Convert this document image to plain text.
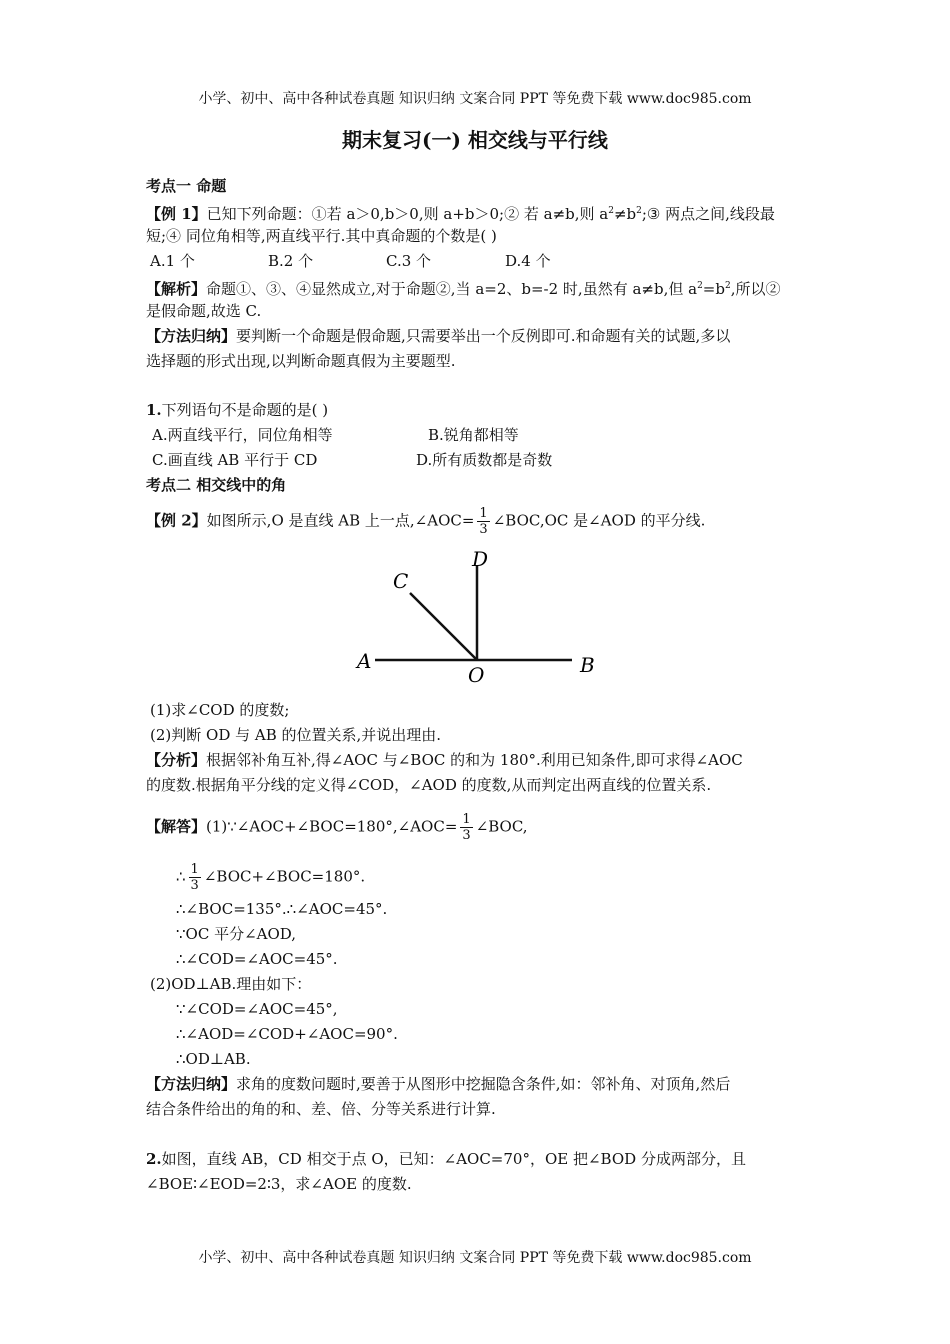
小学、初中、高中各种试卷真题 知识归纳 文案合同 PPT 等免费下载 www.doc985.com
期末复习(一) 相交线与平行线
考点一 命题
【例 1】已知下列命题：①若 a＞0,b＞0,则 a+b＞0;② 若 a≠b,则 $a^2\ne b^2;③$ 两点之间,线段最
短;④ 同位角相等,两直线平行.其中真命题的个数是( )
A.1 个	B.2 个	C.3 个	D.4 个
【解析】命题①、③、④显然成立,对于命题②,当 a=2、b=-2 时,虽然有 a≠b,但 $a^2=b^2$,所以②
是假命题,故选 C.
【方法归纳】要判断一个命题是假命题,只需要举出一个反例即可.和命题有关的试题,多以
选择题的形式出现,以判断命题真假为主要题型.
1.下列语句不是命题的是( )
A.两直线平行，同位角相等	B.锐角都相等
C.画直线 AB 平行于 CD	D.所有质数都是奇数
考点二 相交线中的角
【例 2】如图所示,O 是直线 AB 上一点,∠AOC= $\frac{1}{3}$ ∠BOC,OC 是∠AOD 的平分线.
A	B
C
D
O
(1)求∠COD 的度数;
(2)判断 OD 与 AB 的位置关系,并说出理由.
【分析】根据邻补角互补,得∠AOC 与∠BOC 的和为 180°.利用已知条件,即可求得∠AOC
的度数.根据角平分线的定义得∠COD，∠AOD 的度数,从而判定出两直线的位置关系.
【解答】(1)∵∠AOC+∠BOC=180°,∠AOC= $\frac{1}{3}$ ∠BOC,
∴ $\frac{1}{3}$ ∠BOC+∠BOC=180°.
∴∠BOC=135°.∴∠AOC=45°.
∵OC 平分∠AOD,
∴∠COD=∠AOC=45°.
(2)OD⊥AB.理由如下：
∵∠COD=∠AOC=45°,
∴∠AOD=∠COD+∠AOC=90°.
∴OD⊥AB.
【方法归纳】求角的度数问题时,要善于从图形中挖掘隐含条件,如：邻补角、对顶角,然后
结合条件给出的角的和、差、倍、分等关系进行计算.
2.如图，直线 AB，CD 相交于点 O，已知：∠AOC=70°，OE 把∠BOD 分成两部分，且
∠BOE∶∠EOD=2∶3，求∠AOE 的度数.
小学、初中、高中各种试卷真题 知识归纳 文案合同 PPT 等免费下载 www.doc985.com
